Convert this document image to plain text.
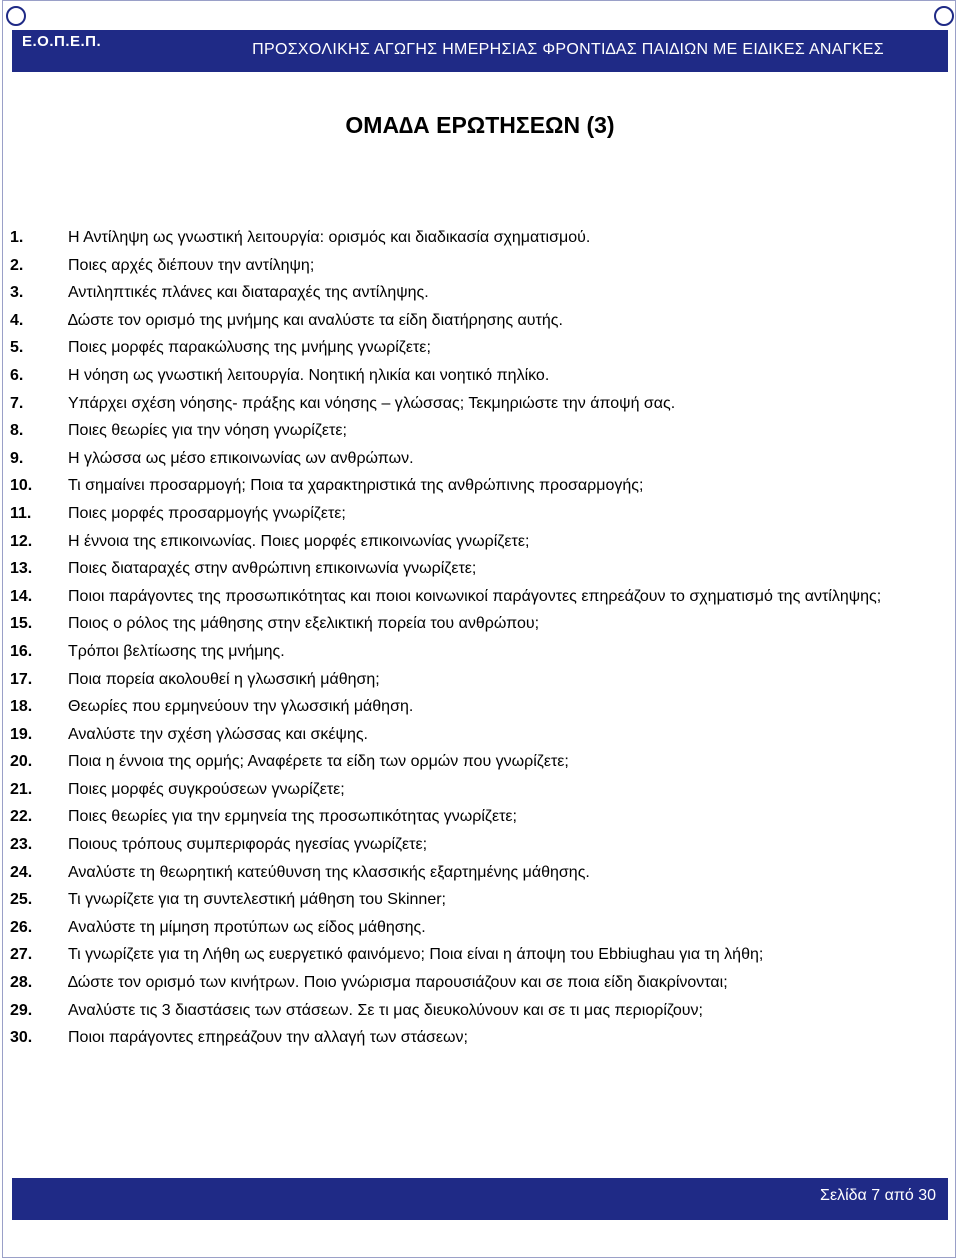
Ε.Ο.Π.Ε.Π.	ΠΡΟΣΧΟΛΙΚΗΣ ΑΓΩΓΗΣ ΗΜΕΡΗΣΙΑΣ ΦΡΟΝΤΙ∆ΑΣ ΠΑΙ∆ΙΩΝ ΜΕ ΕΙ∆ΙΚΕΣ ΑΝΑΓΚΕΣ
ΟΜΑ∆Α ΕΡΩΤΗΣΕΩΝ (3)
1.	Η Αντίληψη ως γνωστική λειτουργία: ορισμός και διαδικασία σχηματισμού.
2.	Ποιες αρχές διέπουν την αντίληψη;
3.	Αντιληπτικές πλάνες και διαταραχές της αντίληψης.
4.	∆ώστε τον ορισμό της μνήμης και αναλύστε τα είδη διατήρησης αυτής.
5.	Ποιες μορφές παρακώλυσης της μνήμης γνωρίζετε;
6.	Η νόηση ως γνωστική λειτουργία. Νοητική ηλικία και νοητικό πηλίκο.
7.	Υπάρχει σχέση νόησης- πράξης και νόησης – γλώσσας; Τεκμηριώστε την άποψή σας.
8.	Ποιες θεωρίες για την νόηση γνωρίζετε;
9.	Η γλώσσα ως μέσο επικοινωνίας ων ανθρώπων.
10.	Τι σημαίνει προσαρμογή; Ποια τα χαρακτηριστικά της ανθρώπινης προσαρμογής;
11.	Ποιες μορφές προσαρμογής γνωρίζετε;
12.	Η έννοια της επικοινωνίας. Ποιες μορφές επικοινωνίας γνωρίζετε;
13.	Ποιες διαταραχές στην ανθρώπινη επικοινωνία γνωρίζετε;
14.	Ποιοι παράγοντες της προσωπικότητας και ποιοι κοινωνικοί παράγοντες επηρεάζουν το σχηματισμό της αντίληψης;
15.	Ποιος ο ρόλος της μάθησης στην εξελικτική πορεία του ανθρώπου;
16.	Τρόποι βελτίωσης της μνήμης.
17.	Ποια πορεία ακολουθεί η γλωσσική μάθηση;
18.	Θεωρίες που ερμηνεύουν την γλωσσική μάθηση.
19.	Αναλύστε την σχέση γλώσσας και σκέψης.
20.	Ποια η έννοια της ορμής; Αναφέρετε τα είδη των ορμών που γνωρίζετε;
21.	Ποιες μορφές συγκρούσεων γνωρίζετε;
22.	Ποιες θεωρίες για την ερμηνεία της προσωπικότητας γνωρίζετε;
23.	Ποιους τρόπους συμπεριφοράς ηγεσίας γνωρίζετε;
24.	Αναλύστε τη θεωρητική κατεύθυνση της κλασσικής εξαρτημένης μάθησης.
25.	Τι γνωρίζετε για τη συντελεστική μάθηση του Skinner;
26.	Αναλύστε τη μίμηση προτύπων ως είδος μάθησης.
27.	Τι γνωρίζετε για τη Λήθη ως ευεργετικό φαινόμενο; Ποια είναι η άποψη του Ebbiughau για τη λήθη;
28.	∆ώστε τον ορισμό των κινήτρων. Ποιο γνώρισμα παρουσιάζουν και σε ποια είδη διακρίνονται;
29.	Αναλύστε τις 3 διαστάσεις των στάσεων. Σε τι μας διευκολύνουν και σε τι μας περιορίζουν;
30.	Ποιοι παράγοντες επηρεάζουν την αλλαγή των στάσεων;
Σελίδα 7 από 30
